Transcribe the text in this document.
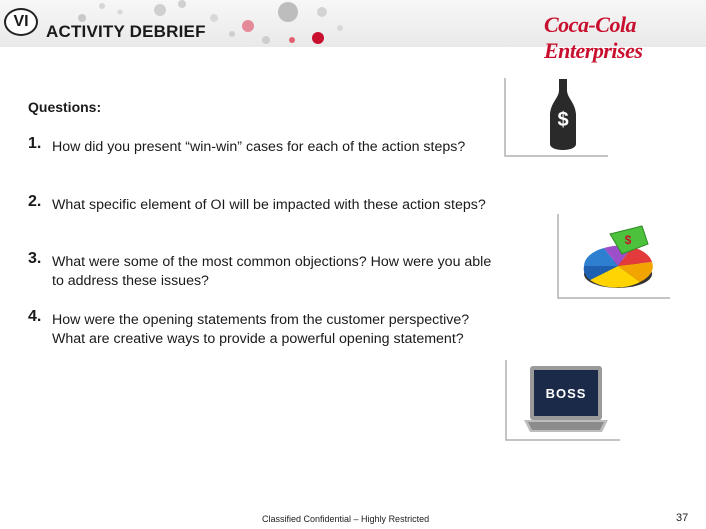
VI
ACTIVITY DEBRIEF	Coca-Cola Enterprises
Questions:
1. How did you present “win-win” cases for each of the action steps?
2. What specific element of OI will be impacted with these action steps?
3. What were some of the most common objections? How were you able to address these issues?
4. How were the opening statements from the customer perspective? What are creative ways to provide a powerful opening statement?
$
$
BOSS
Classified Confidential – Highly Restricted	37
